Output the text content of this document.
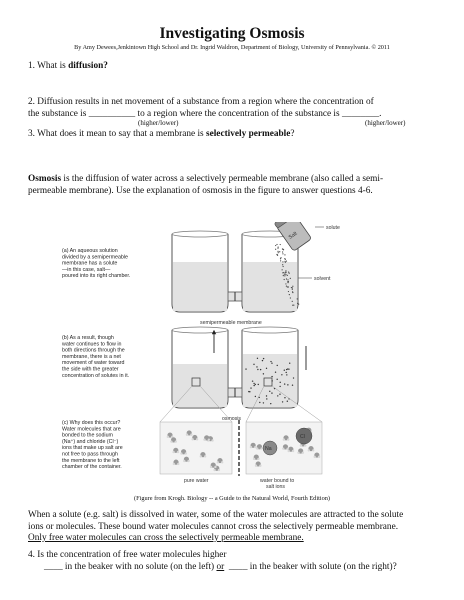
Investigating Osmosis
By Amy Dewees,Jenkintown High School and Dr. Ingrid Waldron, Department of Biology, University of Pennsylvania. © 2011
1. What is diffusion?
2. Diffusion results in net movement of a substance from a region where the concentration of
the substance is __________ to a region where the concentration of the substance is ________.
(higher/lower)	(higher/lower)
3. What does it mean to say that a membrane is selectively permeable?
Osmosis is the diffusion of water across a selectively permeable membrane (also called a semi-
permeable membrane). Use the explanation of osmosis in the figure to answer questions 4-6.
(a) An aqueous solution divided by a semipermeable membrane has a solute —in this case, salt— poured into its right chamber.
Salt
solute
solvent
semipermeable membrane
(b) As a result, though water continues to flow in both directions through the membrane, there is a net movement of water toward the side with the greater concentration of solutes in it.
osmosis
(c) Why does this occur? Water molecules that are bonded to the sodium (Na⁺) and chloride (Cl⁻) ions that make up salt are not free to pass through the membrane to the left chamber of the container.
Na
Cl
pure water	water bound to salt ions
(Figure from Krogh. Biology -- a Guide to the Natural World, Fourth Edition)
When a solute (e.g. salt) is dissolved in water, some of the water molecules are attracted to the solute
ions or molecules. These bound water molecules cannot cross the selectively permeable membrane.
Only free water molecules can cross the selectively permeable membrane.
4. Is the concentration of free water molecules higher
____ in the beaker with no solute (on the left) or ____ in the beaker with solute (on the right)?
